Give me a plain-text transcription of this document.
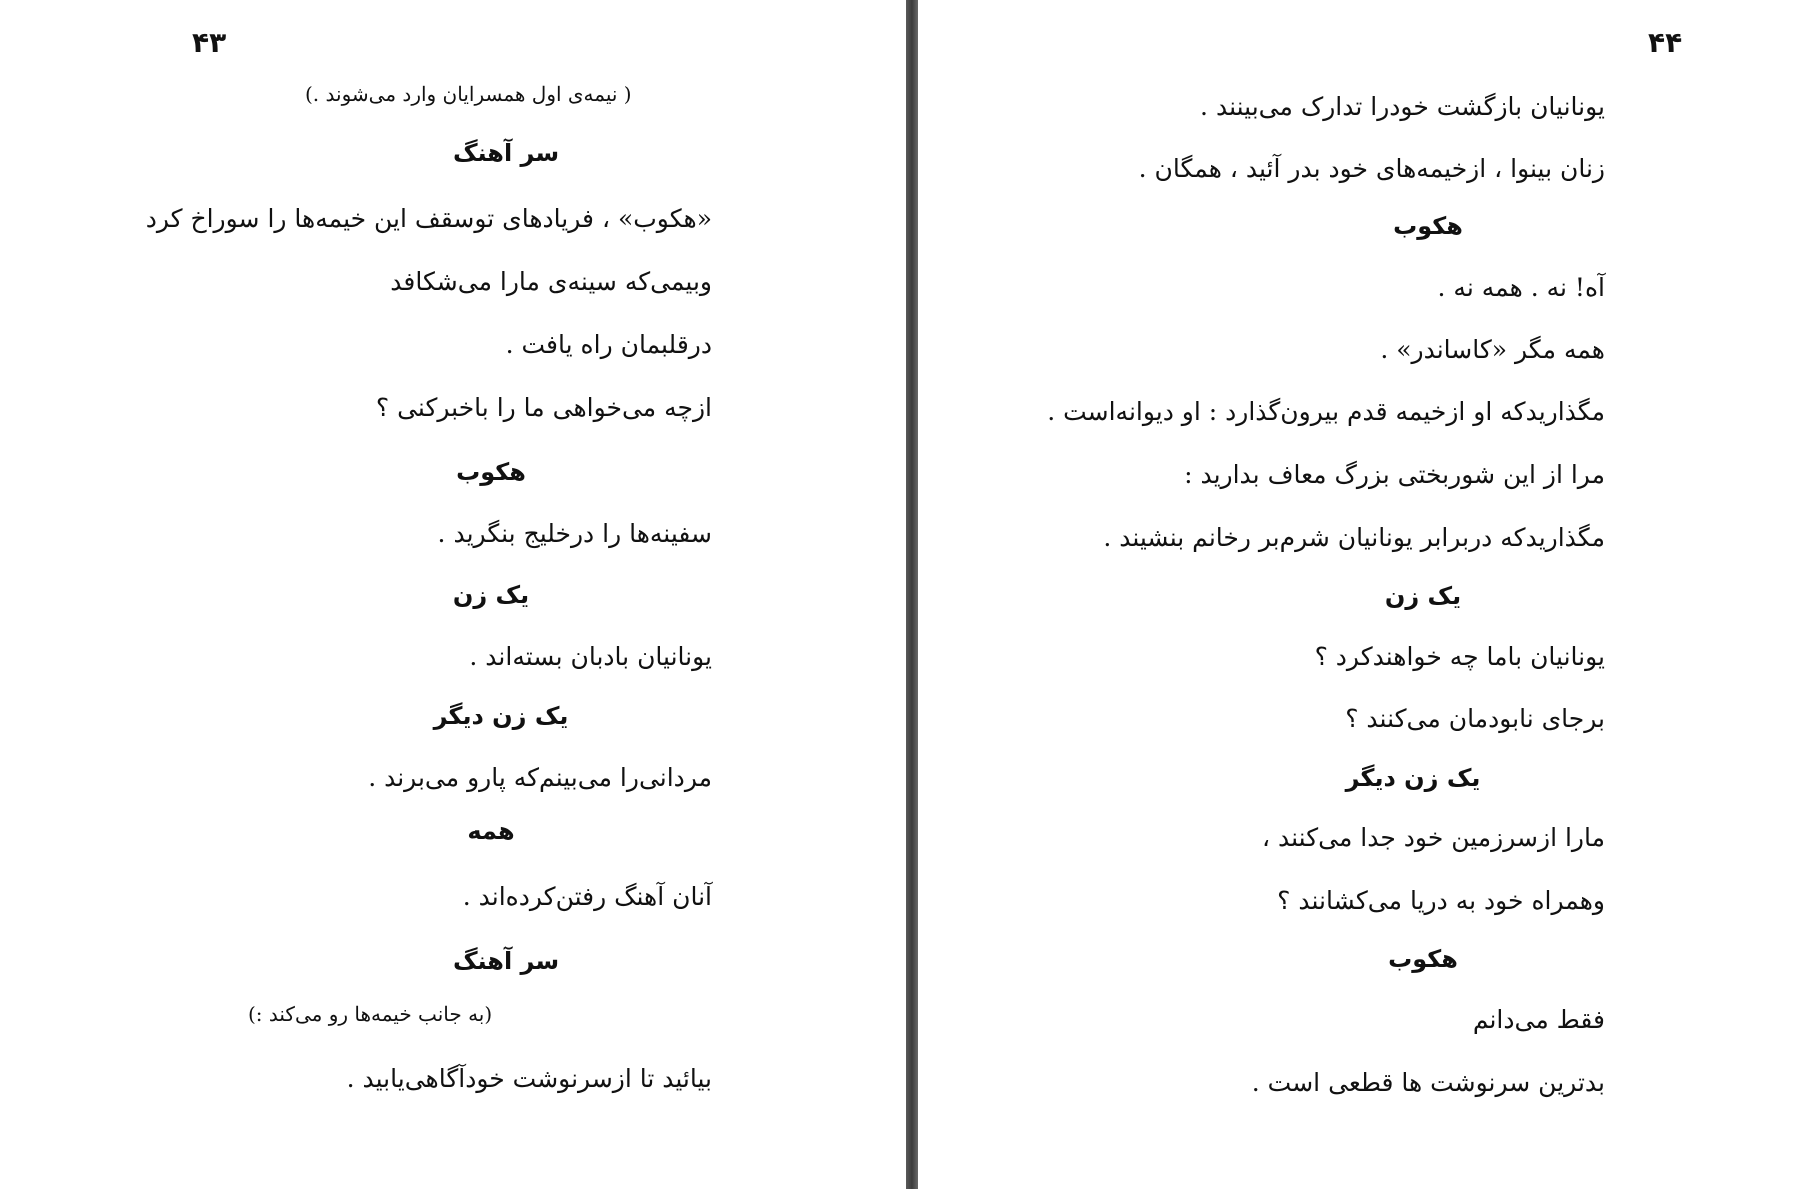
۴۳
( نیمه‌ی اول همسرایان وارد می‌شوند .)
سر آهنگ
«هکوب» ، فریادهای توسقف این خیمه‌ها را سوراخ کرد
وبیمی‌که سینه‌ی مارا می‌شکافد
درقلبمان راه یافت .
ازچه می‌خواهی ما را باخبرکنی ؟
هکوب
سفینه‌ها را درخلیج بنگرید .
یک زن
یونانیان بادبان بسته‌اند .
یک زن دیگر
مردانی‌را می‌بینم‌که پارو می‌برند .
همه
آنان آهنگ رفتن‌کرده‌اند .
سر آهنگ
(به جانب خیمه‌ها رو می‌کند :)
بیائید تا ازسرنوشت خودآگاهی‌یابید .
۴۴
یونانیان بازگشت خودرا تدارک می‌بینند .
زنان بینوا ، ازخیمه‌های خود بدر آئید ، همگان .
هکوب
آه! نه . همه نه .
همه مگر «کاساندر» .
مگذاریدکه او ازخیمه قدم بیرون‌گذارد : او دیوانه‌است .
مرا از این شوربختی بزرگ معاف بدارید :
مگذاریدکه دربرابر یونانیان شرم‌بر رخانم بنشیند .
یک زن
یونانیان باما چه خواهندکرد ؟
برجای نابودمان می‌کنند ؟
یک زن دیگر
مارا ازسرزمین خود جدا می‌کنند ،
وهمراه خود به دریا می‌کشانند ؟
هکوب
فقط می‌دانم
بدترین سرنوشت ها قطعی است .
